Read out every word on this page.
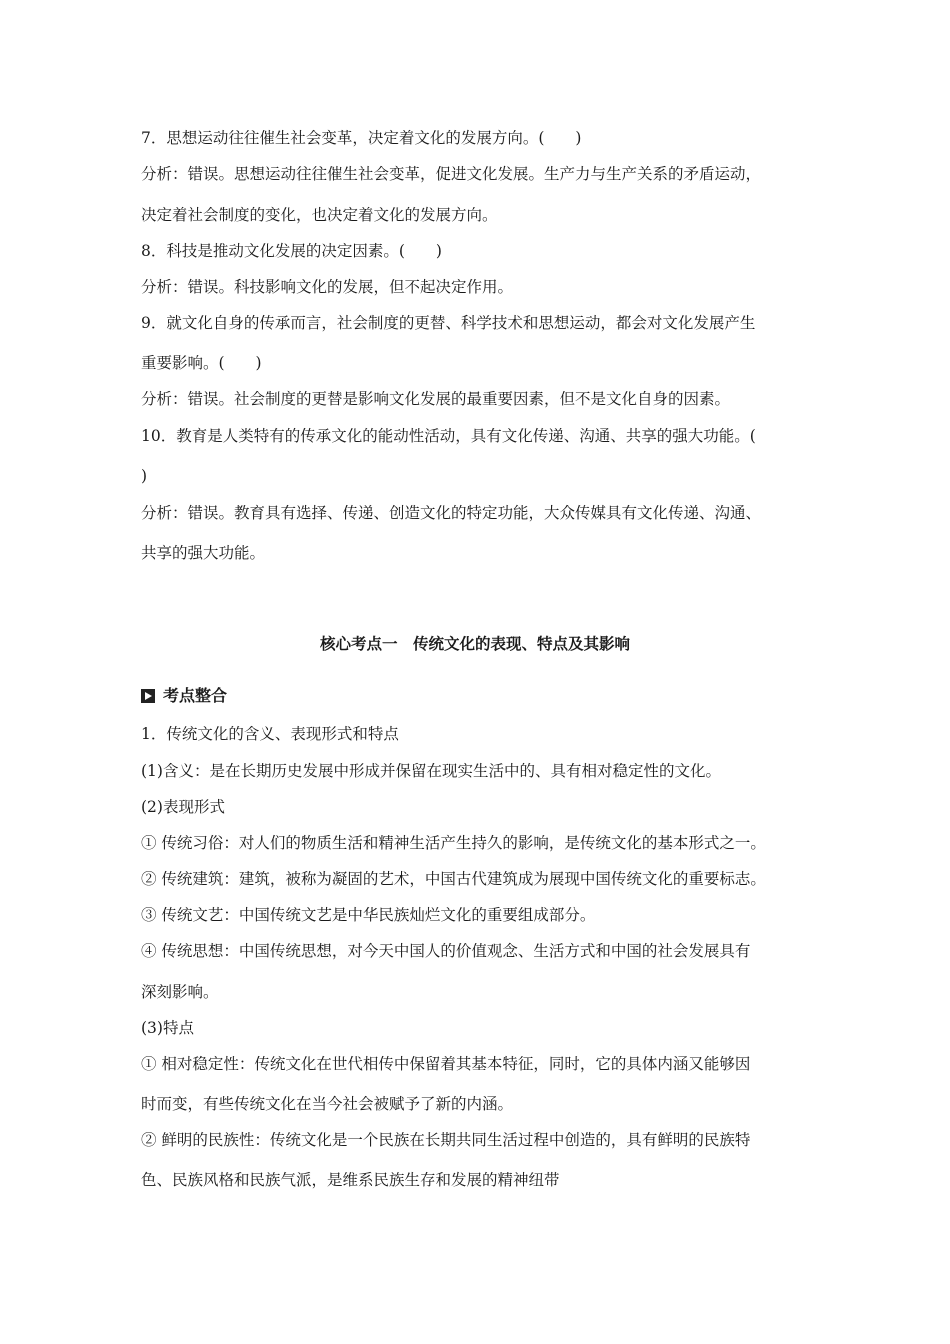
7．思想运动往往催生社会变革，决定着文化的发展方向。(　　)
分析：错误。思想运动往往催生社会变革，促进文化发展。生产力与生产关系的矛盾运动，
决定着社会制度的变化，也决定着文化的发展方向。
8．科技是推动文化发展的决定因素。(　　)
分析：错误。科技影响文化的发展，但不起决定作用。
9．就文化自身的传承而言，社会制度的更替、科学技术和思想运动，都会对文化发展产生
重要影响。(　　)
分析：错误。社会制度的更替是影响文化发展的最重要因素，但不是文化自身的因素。
10．教育是人类特有的传承文化的能动性活动，具有文化传递、沟通、共享的强大功能。(
)
分析：错误。教育具有选择、传递、创造文化的特定功能，大众传媒具有文化传递、沟通、
共享的强大功能。
核心考点一　传统文化的表现、特点及其影响
考点整合
1．传统文化的含义、表现形式和特点
(1)含义：是在长期历史发展中形成并保留在现实生活中的、具有相对稳定性的文化。
(2)表现形式
① 传统习俗：对人们的物质生活和精神生活产生持久的影响，是传统文化的基本形式之一。
② 传统建筑：建筑，被称为凝固的艺术，中国古代建筑成为展现中国传统文化的重要标志。
③ 传统文艺：中国传统文艺是中华民族灿烂文化的重要组成部分。
④ 传统思想：中国传统思想，对今天中国人的价值观念、生活方式和中国的社会发展具有
深刻影响。
(3)特点
① 相对稳定性：传统文化在世代相传中保留着其基本特征，同时，它的具体内涵又能够因
时而变，有些传统文化在当今社会被赋予了新的内涵。
② 鲜明的民族性：传统文化是一个民族在长期共同生活过程中创造的，具有鲜明的民族特
色、民族风格和民族气派，是维系民族生存和发展的精神纽带
